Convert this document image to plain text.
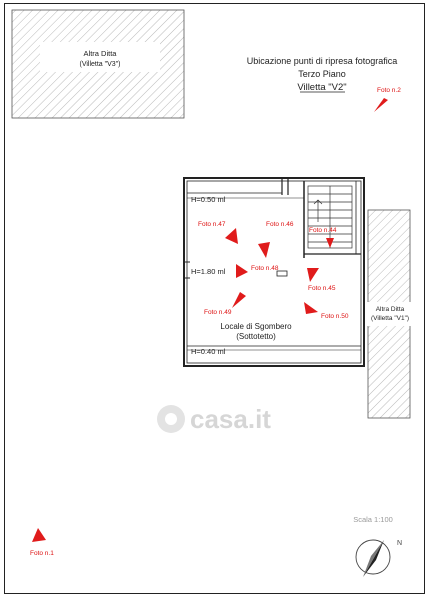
Altra Ditta
(Villetta "V3")	Ubicazione punti di ripresa fotografica
Terzo Piano
Villetta "V2"
Altra Ditta
(Villetta "V1")
H=0.50 ml
H=1.80 ml
H=0.40 ml
Locale di Sgombero
(Sottotetto)
casa.it
Foto n.2
Foto n.44
Foto n.45
Foto n.46
Foto n.47
Foto n.48
Foto n.49
Foto n.50
Foto n.1
Scala 1:100
N
